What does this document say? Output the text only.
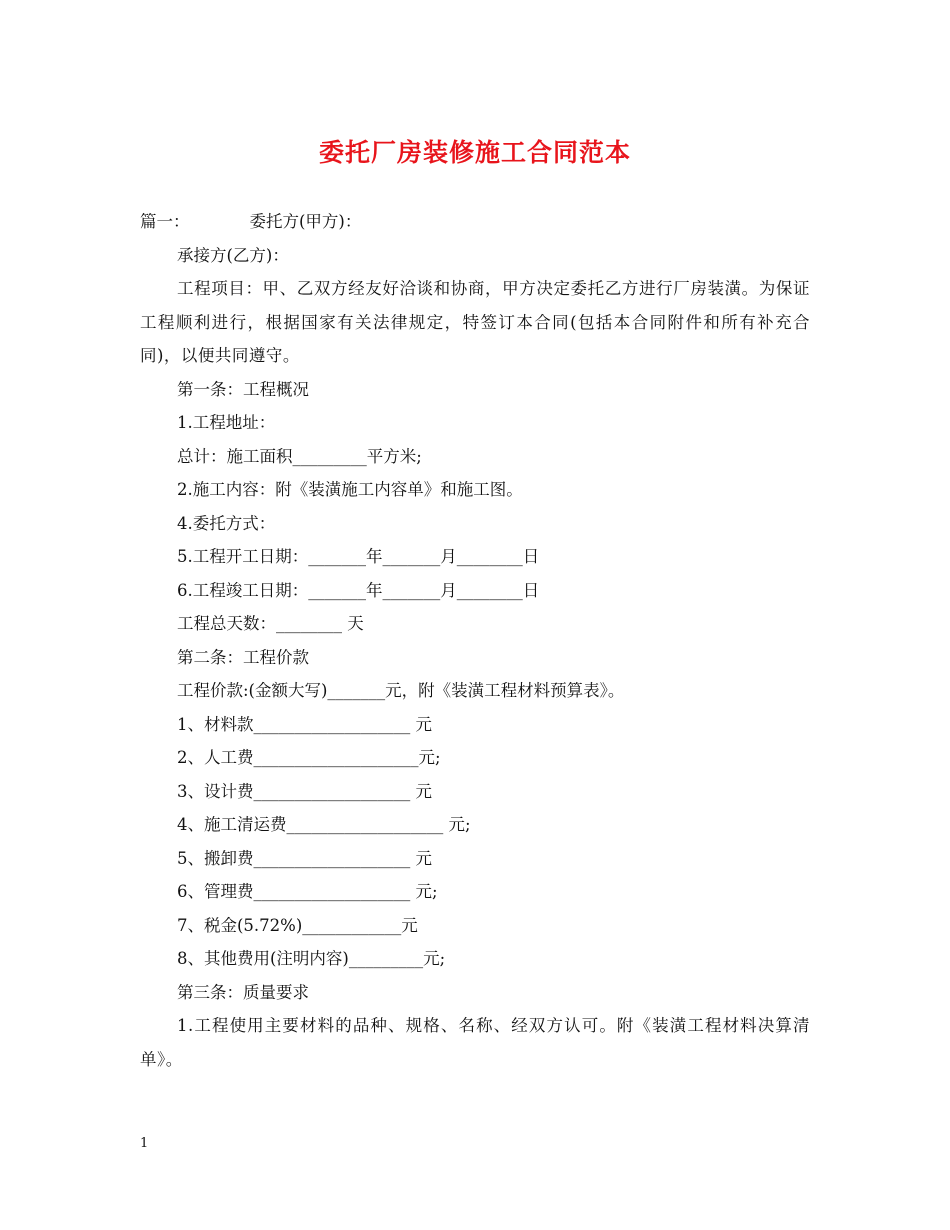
委托厂房装修施工合同范本
篇一：	委托方(甲方)：
承接方(乙方)：
工程项目：甲、乙双方经友好洽谈和协商，甲方决定委托乙方进行厂房装潢。为保证工程顺利进行，根据国家有关法律规定，特签订本合同(包括本合同附件和所有补充合同)，以便共同遵守。
第一条：工程概况
1.工程地址：
总计：施工面积_________平方米;
2.施工内容：附《装潢施工内容单》和施工图。
4.委托方式：
5.工程开工日期：_______年_______月________日
6.工程竣工日期：_______年_______月________日
工程总天数：________ 天
第二条：工程价款
工程价款:(金额大写)_______元，附《装潢工程材料预算表》。
1、材料款___________________ 元
2、人工费____________________元;
3、设计费___________________ 元
4、施工清运费___________________ 元;
5、搬卸费___________________ 元
6、管理费___________________ 元;
7、税金(5.72%)____________元
8、其他费用(注明内容)_________元;
第三条：质量要求
1.工程使用主要材料的品种、规格、名称、经双方认可。附《装潢工程材料决算清单》。
1
